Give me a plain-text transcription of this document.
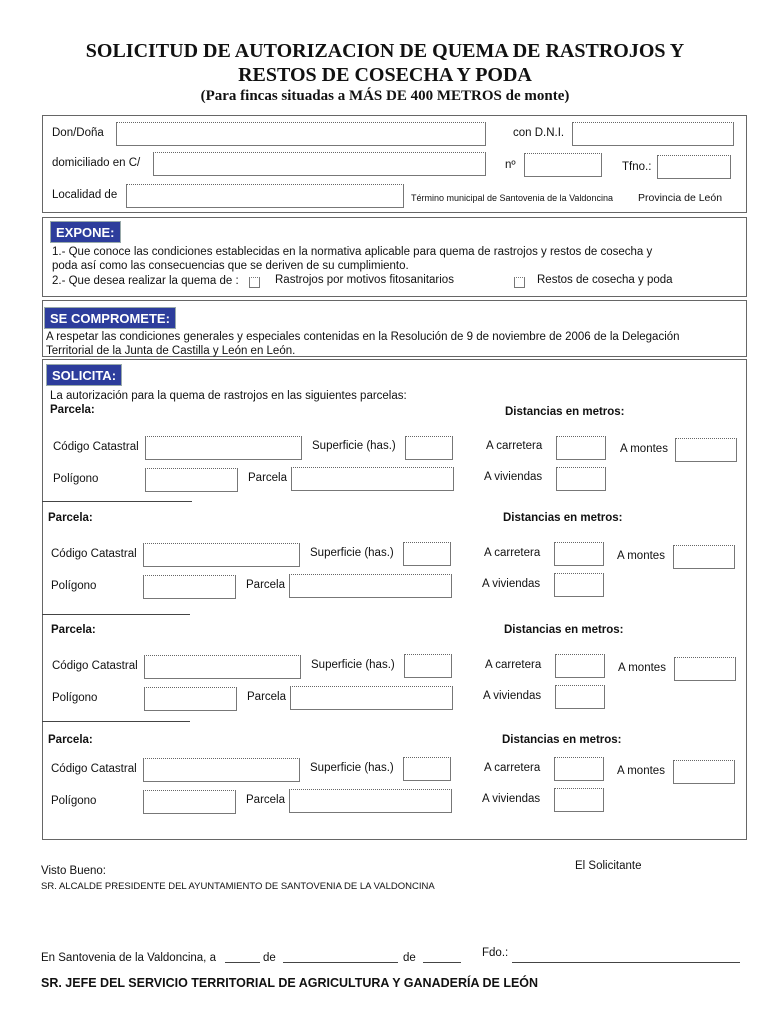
SOLICITUD DE AUTORIZACION DE QUEMA DE RASTROJOS Y
RESTOS DE COSECHA Y PODA
(Para fincas situadas a MÁS DE 400 METROS de monte)
Don/Doña	con D.N.I.
domiciliado en C/	nº	Tfno.:
Localidad de	Término municipal de Santovenia de la Valdoncina Provincia de León
EXPONE:
1.- Que conoce las condiciones establecidas en la normativa aplicable para quema de rastrojos y restos de cosecha y
poda así como las consecuencias que se deriven de su cumplimiento.
2.- Que desea realizar la quema de :	Rastrojos por motivos fitosanitarios	Restos de cosecha y poda
SE COMPROMETE:
A respetar las condiciones generales y especiales contenidas en la Resolución de 9 de noviembre de 2006 de la Delegación
Territorial de la Junta de Castilla y León en León.
SOLICITA:
La autorización para la quema de rastrojos en las siguientes parcelas:
Parcela:	Distancias en metros:
Código Catastral	Superficie (has.)	A carretera	A montes
Polígono	Parcela	A viviendas
Parcela:	Distancias en metros:
Código Catastral	Superficie (has.)	A carretera	A montes
Polígono	Parcela	A viviendas
Parcela:	Distancias en metros:
Código Catastral	Superficie (has.)	A carretera	A montes
Polígono	Parcela	A viviendas
Parcela:	Distancias en metros:
Código Catastral	Superficie (has.)	A carretera	A montes
Polígono	Parcela	A viviendas
Visto Bueno:
SR. ALCALDE PRESIDENTE DEL AYUNTAMIENTO DE SANTOVENIA DE LA VALDONCINA
El Solicitante
En Santovenia de la Valdoncina, a	de	de	Fdo.:
SR. JEFE DEL SERVICIO TERRITORIAL DE AGRICULTURA Y GANADERÍA DE LEÓN
